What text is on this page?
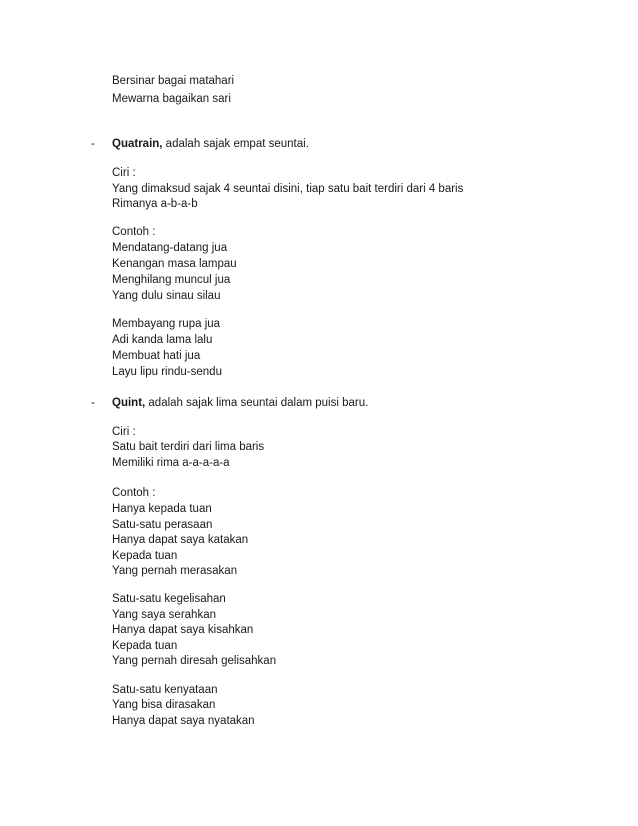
Bersinar bagai matahari
Mewarna bagaikan sari
- Quatrain, adalah sajak empat seuntai.
Ciri :
Yang dimaksud sajak 4 seuntai disini, tiap satu bait terdiri dari 4 baris
Rimanya a-b-a-b
Contoh :
Mendatang-datang jua
Kenangan masa lampau
Menghilang muncul jua
Yang dulu sinau silau
Membayang rupa jua
Adi kanda lama lalu
Membuat hati jua
Layu lipu rindu-sendu
- Quint, adalah sajak lima seuntai dalam puisi baru.
Ciri :
Satu bait terdiri dari lima baris
Memiliki rima a-a-a-a-a
Contoh :
Hanya kepada tuan
Satu-satu perasaan
Hanya dapat saya katakan
Kepada tuan
Yang pernah merasakan
Satu-satu kegelisahan
Yang saya serahkan
Hanya dapat saya kisahkan
Kepada tuan
Yang pernah diresah gelisahkan
Satu-satu kenyataan
Yang bisa dirasakan
Hanya dapat saya nyatakan
